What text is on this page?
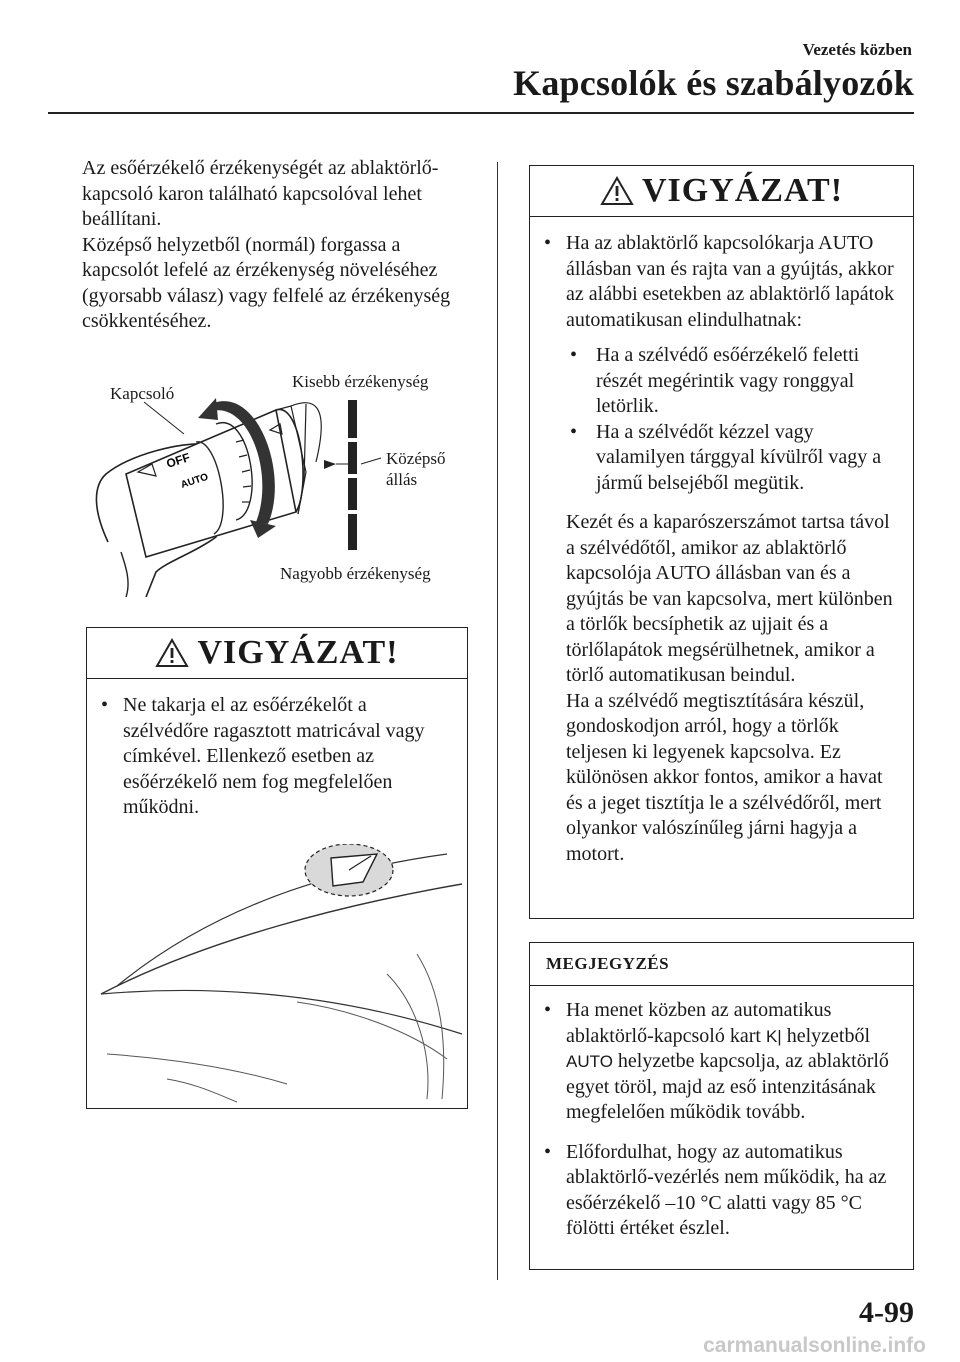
Vezetés közben
Kapcsolók és szabályozók

Az esőérzékelő érzékenységét az ablaktörlő-kapcsoló karon található kapcsolóval lehet beállítani.

Középső helyzetből (normál) forgassa a kapcsolót lefelé az érzékenység növeléséhez (gyorsabb válasz) vagy felfelé az érzékenység csökkentéséhez.

OFF
AUTO
Kapcsoló
Kisebb érzékenység
Középső
állás
Nagyobb érzékenység
VIGYÁZAT!
• Ne takarja el az esőérzékelőt a szélvédőre ragasztott matricával vagy címkével. Ellenkező esetben az esőérzékelő nem fog megfelelően működni.
VIGYÁZAT!
• Ha az ablaktörlő kapcsolókarja AUTO állásban van és rajta van a gyújtás, akkor az alábbi esetekben az ablaktörlő lapátok automatikusan elindulhatnak:
• Ha a szélvédő esőérzékelő feletti részét megérintik vagy ronggyal letörlik.
• Ha a szélvédőt kézzel vagy valamilyen tárggyal kívülről vagy a jármű belsejéből megütik.
Kezét és a kaparószerszámot tartsa távol a szélvédőtől, amikor az ablaktörlő kapcsolója AUTO állásban van és a gyújtás be van kapcsolva, mert különben a törlők becsíphetik az ujjait és a törlőlapátok megsérülhetnek, amikor a törlő automatikusan beindul.
Ha a szélvédő megtisztítására készül, gondoskodjon arról, hogy a törlők teljesen ki legyenek kapcsolva. Ez különösen akkor fontos, amikor a havat és a jeget tisztítja le a szélvédőről, mert olyankor valószínűleg járni hagyja a motort.
MEGJEGYZÉS
• Ha menet közben az automatikus ablaktörlő-kapcsoló kart K| helyzetből AUTO helyzetbe kapcsolja, az ablaktörlő egyet töröl, majd az eső intenzitásának megfelelően működik tovább.
• Előfordulhat, hogy az automatikus ablaktörlő-vezérlés nem működik, ha az esőérzékelő –10 °C alatti vagy 85 °C fölötti értéket észlel.
4-99
carmanualsonline.info
